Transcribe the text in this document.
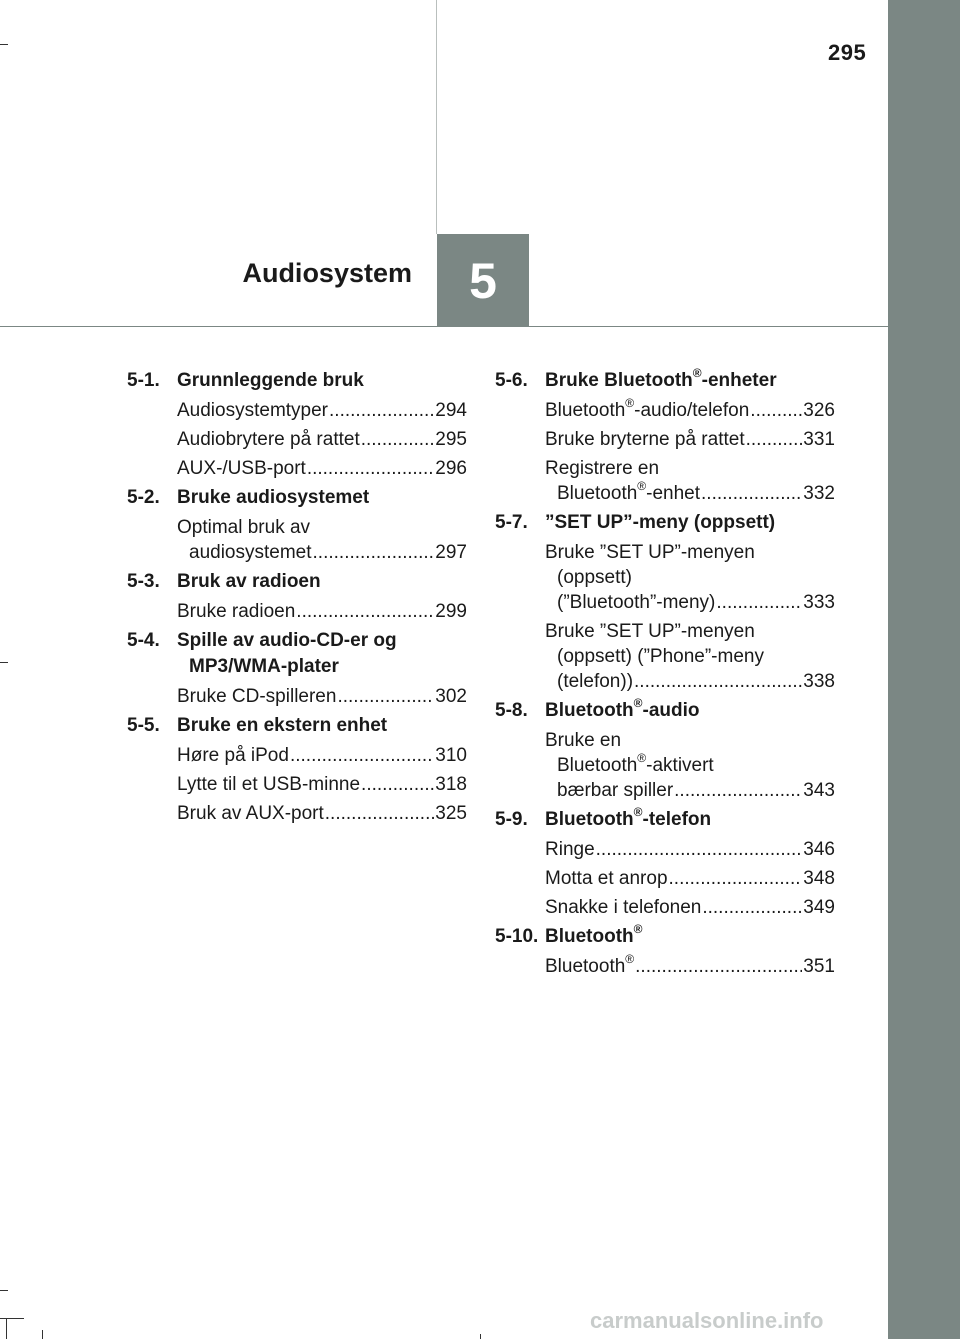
295
Audiosystem 5
5-1. Grunnleggende bruk
Audiosystemtyper .....	294
Audiobrytere på rattet .....	295
AUX-/USB-port .....	296
5-2. Bruke audiosystemet
Optimal bruk av
audiosystemet .....	297
5-3. Bruk av radioen
Bruke radioen .....	299
5-4. Spille av audio-CD-er og
MP3/WMA-plater
Bruke CD-spilleren .....	302
5-5. Bruke en ekstern enhet
Høre på iPod .....	310
Lytte til et USB-minne .....	318
Bruk av AUX-port .....	325
5-6. Bruke Bluetooth®-enheter
Bluetooth®-audio/telefon .....	326
Bruke bryterne på rattet .....	331
Registrere en
Bluetooth®-enhet .....	332
5-7. ”SET UP”-meny (oppsett)
Bruke ”SET UP”-menyen
(oppsett)
(”Bluetooth”-meny) .....	333
Bruke ”SET UP”-menyen
(oppsett) (”Phone”-meny
(telefon)) .....	338
5-8. Bluetooth®-audio
Bruke en
Bluetooth®-aktivert
bærbar spiller .....	343
5-9. Bluetooth®-telefon
Ringe .....	346
Motta et anrop .....	348
Snakke i telefonen .....	349
5-10. Bluetooth®
Bluetooth® .....	351
carmanualsonline.info
